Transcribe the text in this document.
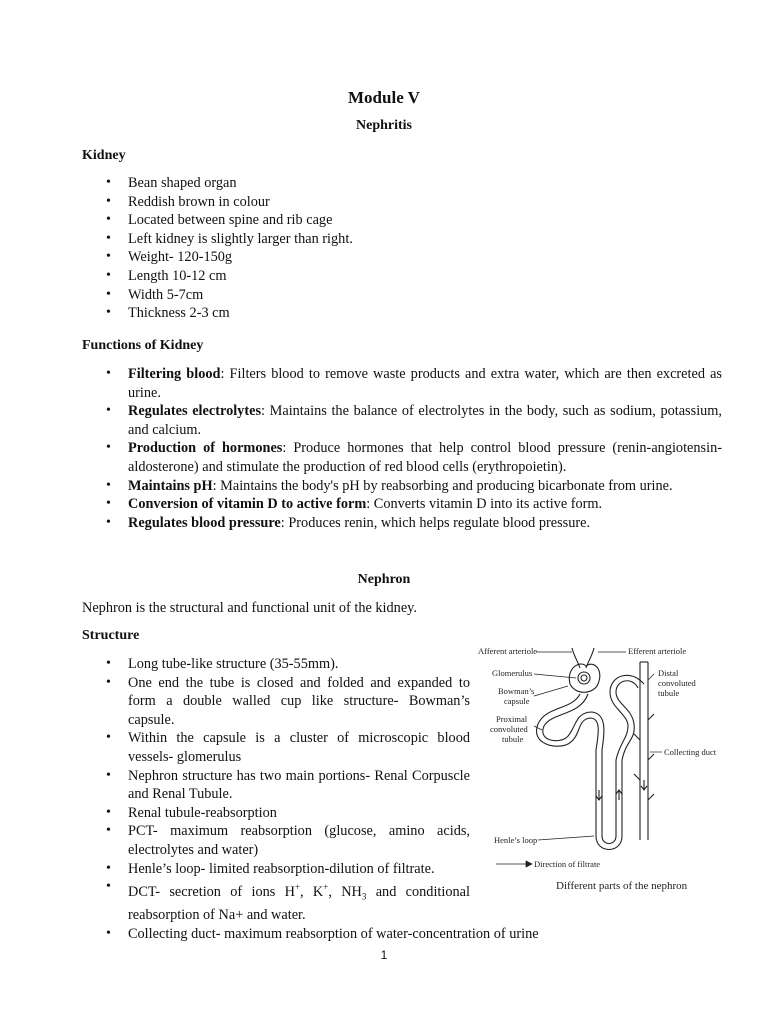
Module V
Nephritis
Kidney
• Bean shaped organ
• Reddish brown in colour
• Located between spine and rib cage
• Left kidney is slightly larger than right.
• Weight- 120-150g
• Length 10-12 cm
• Width 5-7cm
• Thickness 2-3 cm
Functions of Kidney
• Filtering blood: Filters blood to remove waste products and extra water, which are then excreted as urine.
• Regulates electrolytes: Maintains the balance of electrolytes in the body, such as sodium, potassium, and calcium.
• Production of hormones: Produce hormones that help control blood pressure (renin-angiotensin-aldosterone) and stimulate the production of red blood cells (erythropoietin).
• Maintains pH: Maintains the body's pH by reabsorbing and producing bicarbonate from urine.
• Conversion of vitamin D to active form: Converts vitamin D into its active form.
• Regulates blood pressure: Produces renin, which helps regulate blood pressure.
Nephron
Nephron is the structural and functional unit of the kidney.
Structure
• Long tube-like structure (35-55mm).
• One end the tube is closed and folded and expanded to form a double walled cup like structure- Bowman’s capsule.
• Within the capsule is a cluster of microscopic blood vessels- glomerulus
• Nephron structure has two main portions- Renal Corpuscle and Renal Tubule.
• Renal tubule-reabsorption
• PCT- maximum reabsorption (glucose, amino acids, electrolytes and water)
• Henle’s loop- limited reabsorption-dilution of filtrate.
• DCT- secretion of ions H+, K+, $NH_3$ and conditional reabsorption of Na+ and water.
• Collecting duct- maximum reabsorption of water-concentration of urine
Afferent arteriole	Efferent arteriole
Glomerulus
Bowman’s
capsule
Proximal
convoluted
tubule
Distal
convoluted
tubule
Collecting duct
Henle’s loop
Direction of filtrate
Different parts of the nephron
1
